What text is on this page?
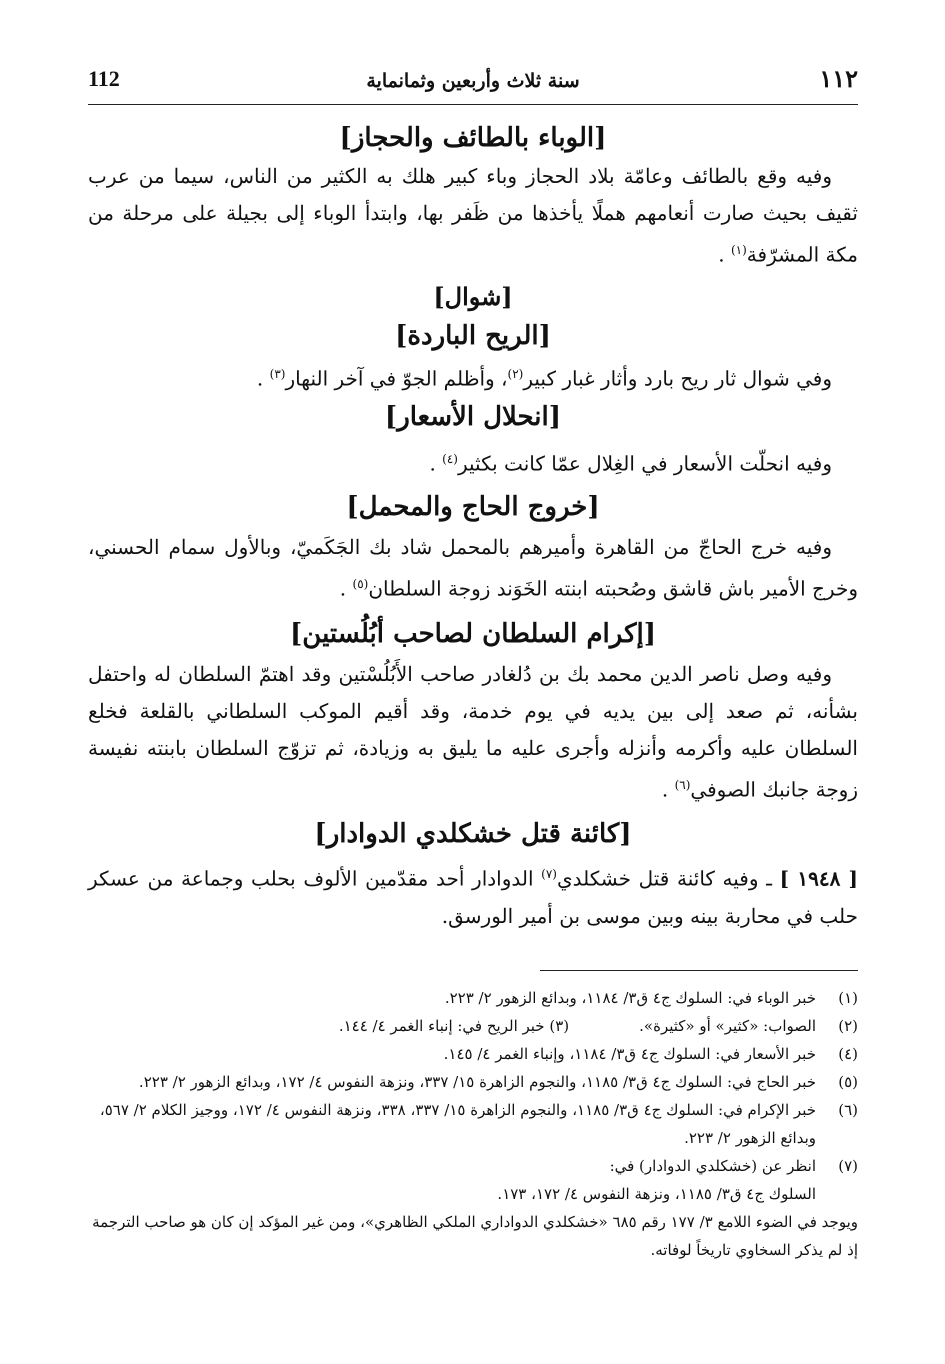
١١٢
سنة ثلاث وأربعين وثمانماية
112
[الوباء بالطائف والحجاز]

وفيه وقع بالطائف وعامّة بلاد الحجاز وباء كبير هلك به الكثير من الناس، سيما من عرب ثقيف بحيث صارت أنعامهم هملًا يأخذها من ظَفر بها، وابتدأ الوباء إلى بجيلة على مرحلة من مكة المشرّفة$^{(١)}$ .

[شوال]
[الريح الباردة]

وفي شوال ثار ريح بارد وأثار غبار كبير$^{(٢)}$، وأظلم الجوّ في آخر النهار$^{(٣)}$ .

[انحلال الأسعار]

وفيه انحلّت الأسعار في الغِلال عمّا كانت بكثير$^{(٤)}$ .

[خروج الحاج والمحمل]

وفيه خرج الحاجّ من القاهرة وأميرهم بالمحمل شاد بك الجَكَميّ، وبالأول سمام الحسني، وخرج الأمير باش قاشق وصُحبته ابنته الخَوَند زوجة السلطان$^{(٥)}$ .

[إكرام السلطان لصاحب أبُلُستين]

وفيه وصل ناصر الدين محمد بك بن دُلغادر صاحب الأَبُلُسْتين وقد اهتمّ السلطان له واحتفل بشأنه، ثم صعد إلى بين يديه في يوم خدمة، وقد أقيم الموكب السلطاني بالقلعة فخلع السلطان عليه وأكرمه وأنزله وأجرى عليه ما يليق به وزيادة، ثم تزوّج السلطان بابنته نفيسة زوجة جانبك الصوفي$^{(٦)}$ .

[كائنة قتل خشكلدي الدوادار]

[ ١٩٤٨ ] ـ وفيه كائنة قتل خشكلدي$^{(٧)}$ الدوادار أحد مقدّمين الألوف بحلب وجماعة من عسكر حلب في محاربة بينه وبين موسى بن أمير الورسق.

(١)
خبر الوباء في: السلوك ج٤ ق٣/ ١١٨٤، وبدائع الزهور ٢/ ٢٢٣.
(٢)
الصواب: «كثير» أو «كثيرة».(٣) خبر الريح في: إنباء الغمر ٤/ ١٤٤.
(٤)
خبر الأسعار في: السلوك ج٤ ق٣/ ١١٨٤، وإنباء الغمر ٤/ ١٤٥.
(٥)
خبر الحاج في: السلوك ج٤ ق٣/ ١١٨٥، والنجوم الزاهرة ١٥/ ٣٣٧، ونزهة النفوس ٤/ ١٧٢، وبدائع الزهور ٢/ ٢٢٣.
(٦)
خبر الإكرام في: السلوك ج٤ ق٣/ ١١٨٥، والنجوم الزاهرة ١٥/ ٣٣٧، ٣٣٨، ونزهة النفوس ٤/ ١٧٢، ووجيز الكلام ٢/ ٥٦٧، وبدائع الزهور ٢/ ٢٢٣.
(٧)
انظر عن (خشكلدي الدوادار) في:
السلوك ج٤ ق٣/ ١١٨٥، ونزهة النفوس ٤/ ١٧٢، ١٧٣.
ويوجد في الضوء اللامع ٣/ ١٧٧ رقم ٦٨٥ «خشكلدي الدواداري الملكي الظاهري»، ومن غير المؤكد إن كان هو صاحب الترجمة إذ لم يذكر السخاوي تاريخاً لوفاته.
